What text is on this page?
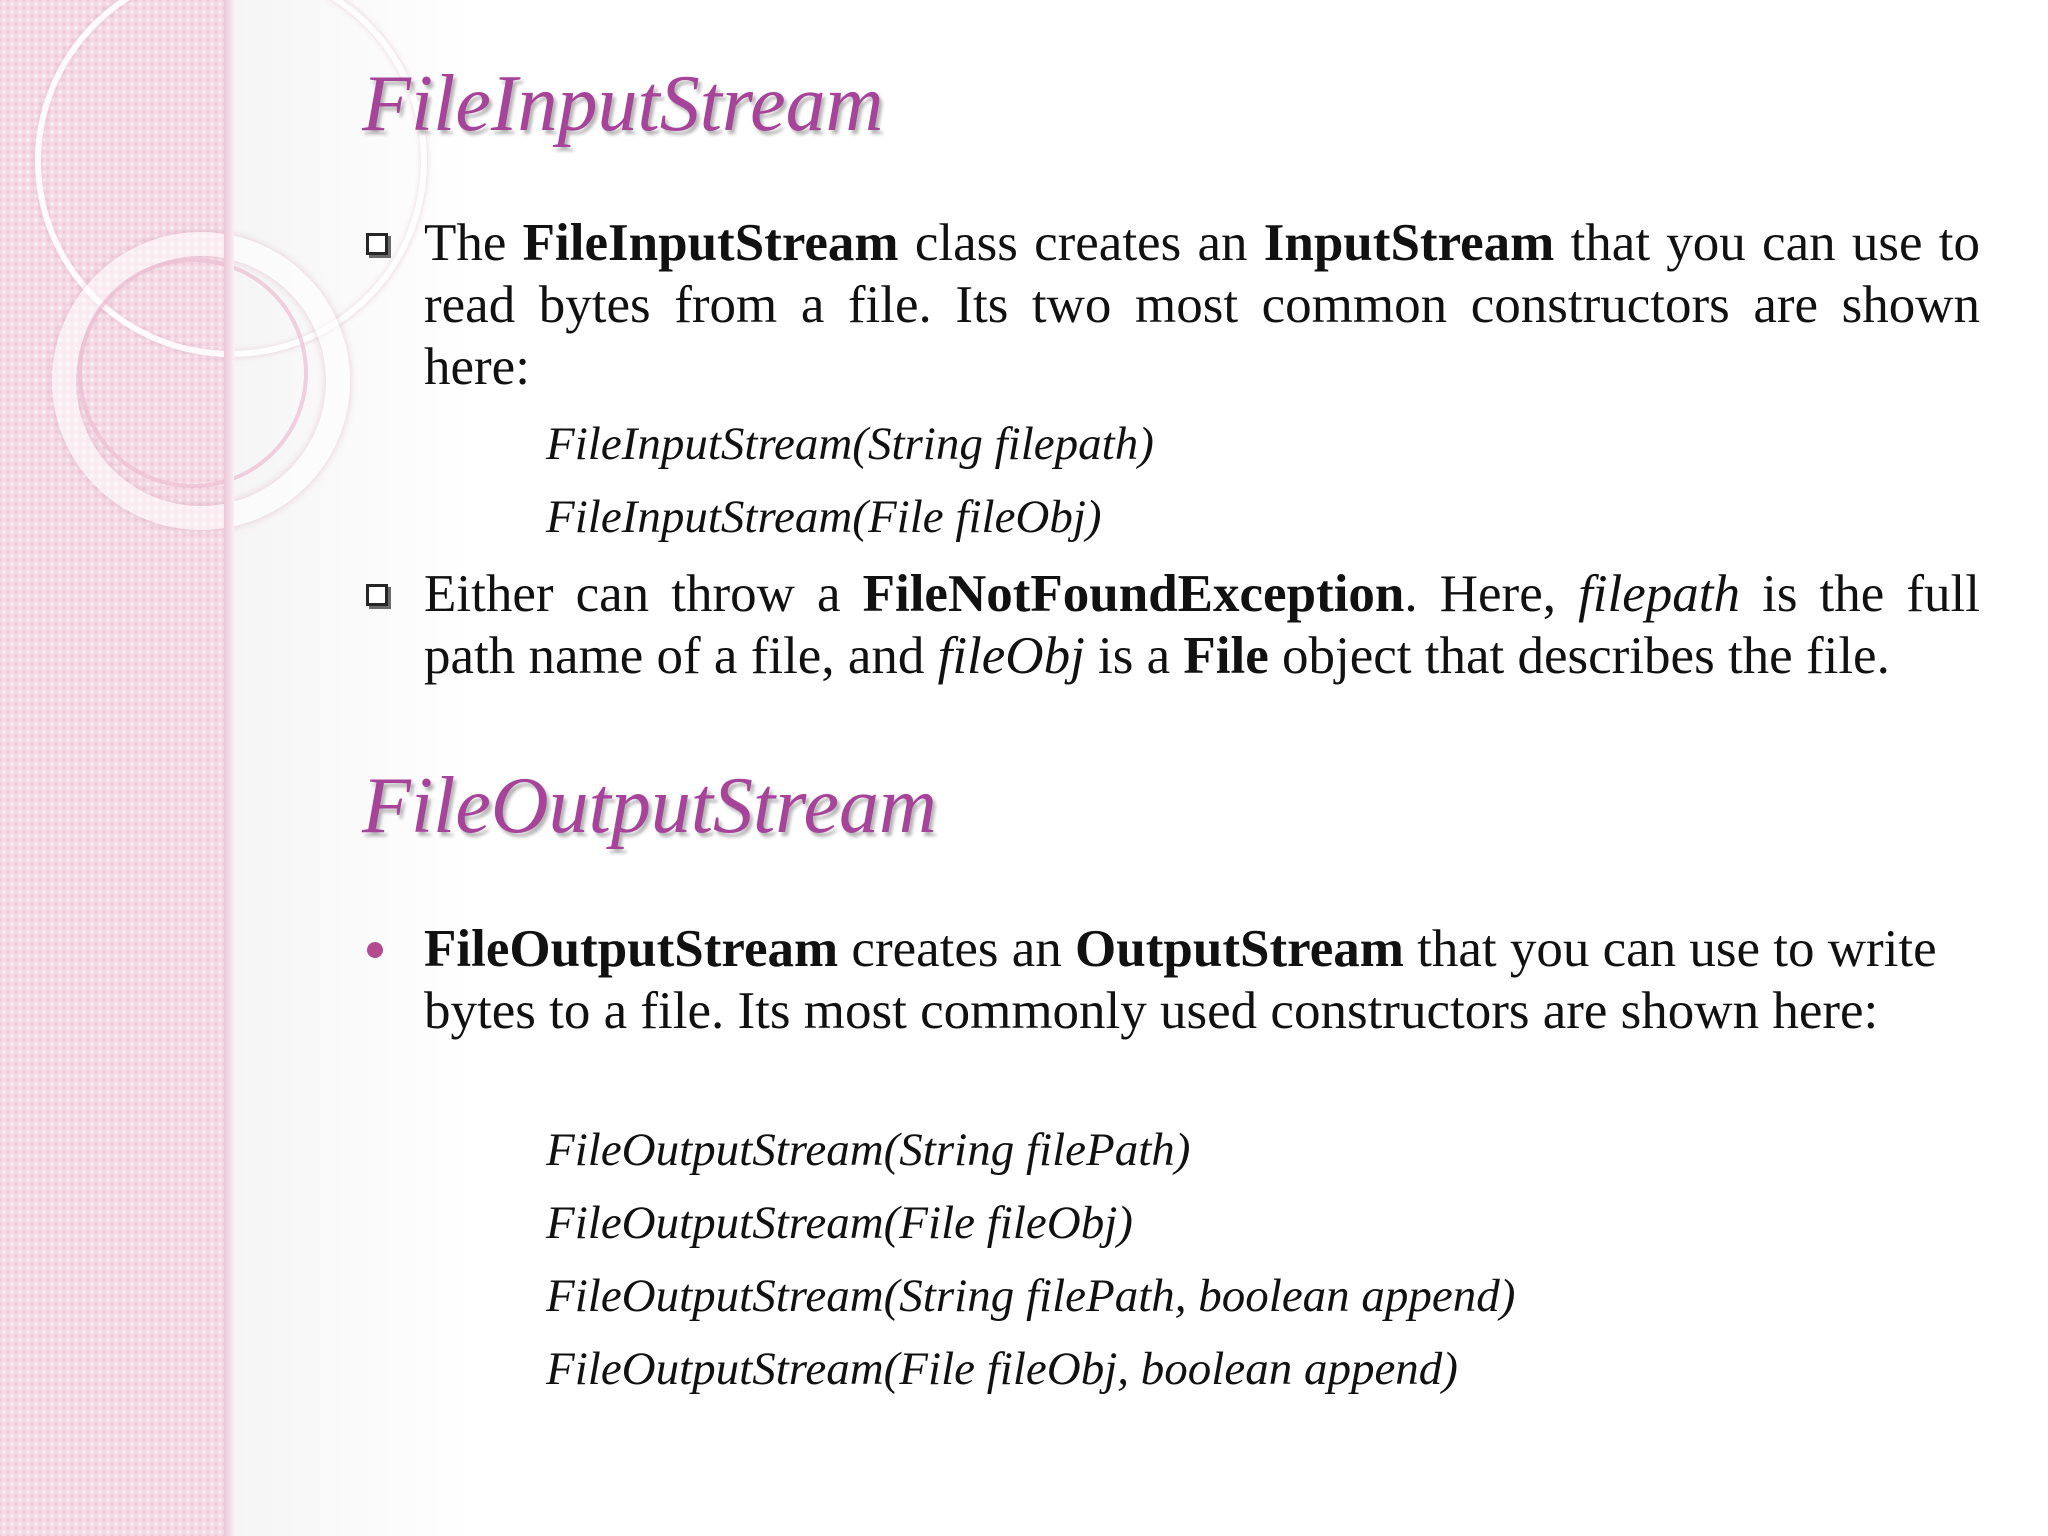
FileInputStream

The FileInputStream class creates an InputStream that you can use to read bytes from a file. Its two most common constructors are shown here:

FileInputStream(String filepath)

FileInputStream(File fileObj)

Either can throw a FileNotFoundException. Here, filepath is the full path name of a file, and fileObj is a File object that describes the file.

FileOutputStream

FileOutputStream creates an OutputStream that you can use to write bytes to a file. Its most commonly used constructors are shown here:

FileOutputStream(String filePath)

FileOutputStream(File fileObj)

FileOutputStream(String filePath, boolean append)

FileOutputStream(File fileObj, boolean append)
